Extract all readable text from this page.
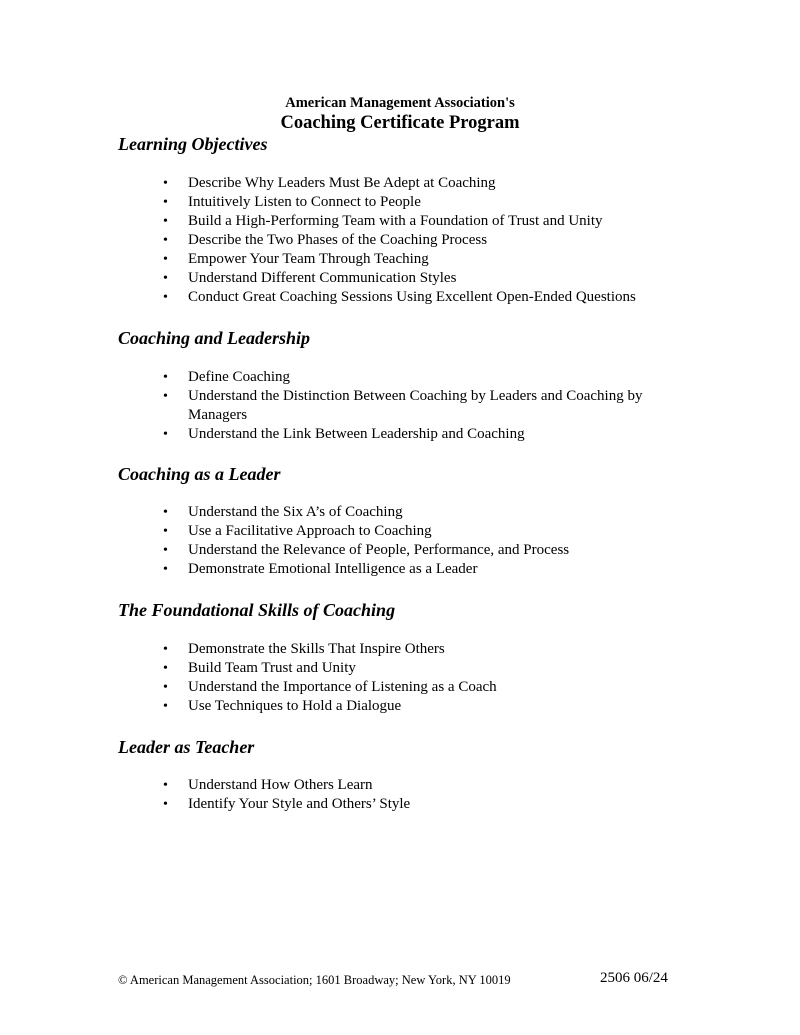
American Management Association's
Coaching Certificate Program
Learning Objectives
• Describe Why Leaders Must Be Adept at Coaching
• Intuitively Listen to Connect to People
• Build a High-Performing Team with a Foundation of Trust and Unity
• Describe the Two Phases of the Coaching Process
• Empower Your Team Through Teaching
• Understand Different Communication Styles
• Conduct Great Coaching Sessions Using Excellent Open-Ended Questions
Coaching and Leadership
• Define Coaching
• Understand the Distinction Between Coaching by Leaders and Coaching by Managers
• Understand the Link Between Leadership and Coaching
Coaching as a Leader
• Understand the Six A’s of Coaching
• Use a Facilitative Approach to Coaching
• Understand the Relevance of People, Performance, and Process
• Demonstrate Emotional Intelligence as a Leader
The Foundational Skills of Coaching
• Demonstrate the Skills That Inspire Others
• Build Team Trust and Unity
• Understand the Importance of Listening as a Coach
• Use Techniques to Hold a Dialogue
Leader as Teacher
• Understand How Others Learn
• Identify Your Style and Others’ Style
© American Management Association; 1601 Broadway; New York, NY 10019	2506 06/24
